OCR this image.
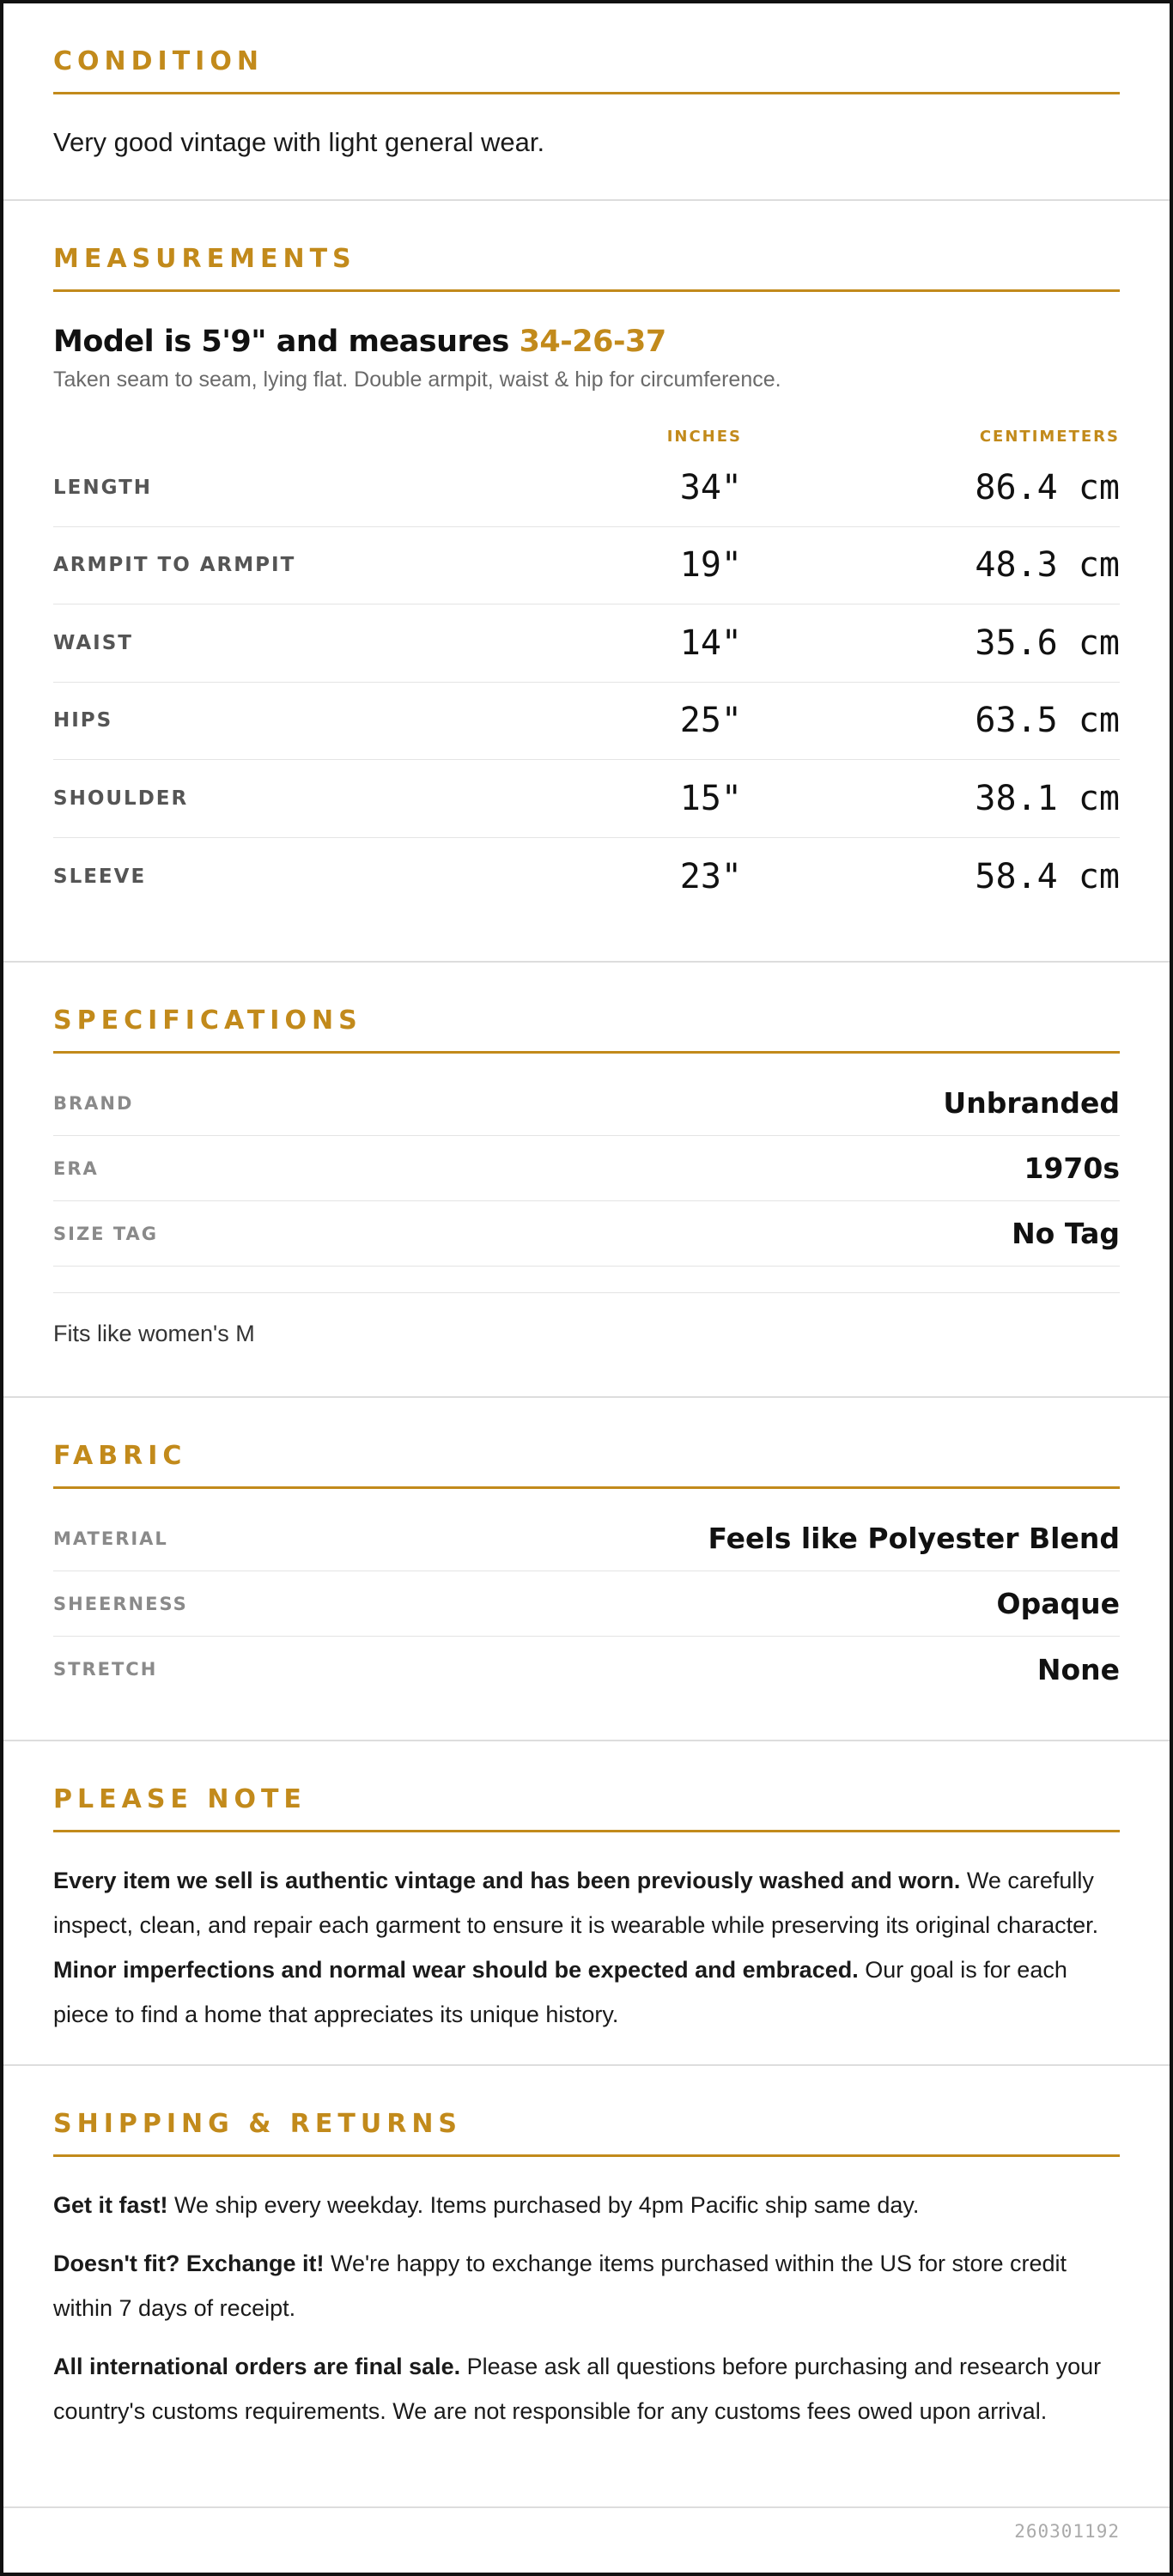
CONDITION

Very good vintage with light general wear.

MEASUREMENTS
Model is 5'9" and measures 34-26-37

Taken seam to seam, lying flat. Double armpit, waist & hip for circumference.

INCHES	CENTIMETERS
LENGTH	34"	86.4 cm
ARMPIT TO ARMPIT	19"	48.3 cm
WAIST	14"	35.6 cm
HIPS	25"	63.5 cm
SHOULDER	15"	38.1 cm
SLEEVE	23"	58.4 cm
SPECIFICATIONS
BRAND	Unbranded
ERA	1970s
SIZE TAG	No Tag

Fits like women's M

FABRIC
MATERIAL	Feels like Polyester Blend
SHEERNESS	Opaque
STRETCH	None
PLEASE NOTE

Every item we sell is authentic vintage and has been previously washed and worn. We carefully inspect, clean, and repair each garment to ensure it is wearable while preserving its original character. Minor imperfections and normal wear should be expected and embraced. Our goal is for each piece to find a home that appreciates its unique history.

SHIPPING & RETURNS

Get it fast! We ship every weekday. Items purchased by 4pm Pacific ship same day.

Doesn't fit? Exchange it! We're happy to exchange items purchased within the US for store credit within 7 days of receipt.

All international orders are final sale. Please ask all questions before purchasing and research your country's customs requirements. We are not responsible for any customs fees owed upon arrival.

260301192
